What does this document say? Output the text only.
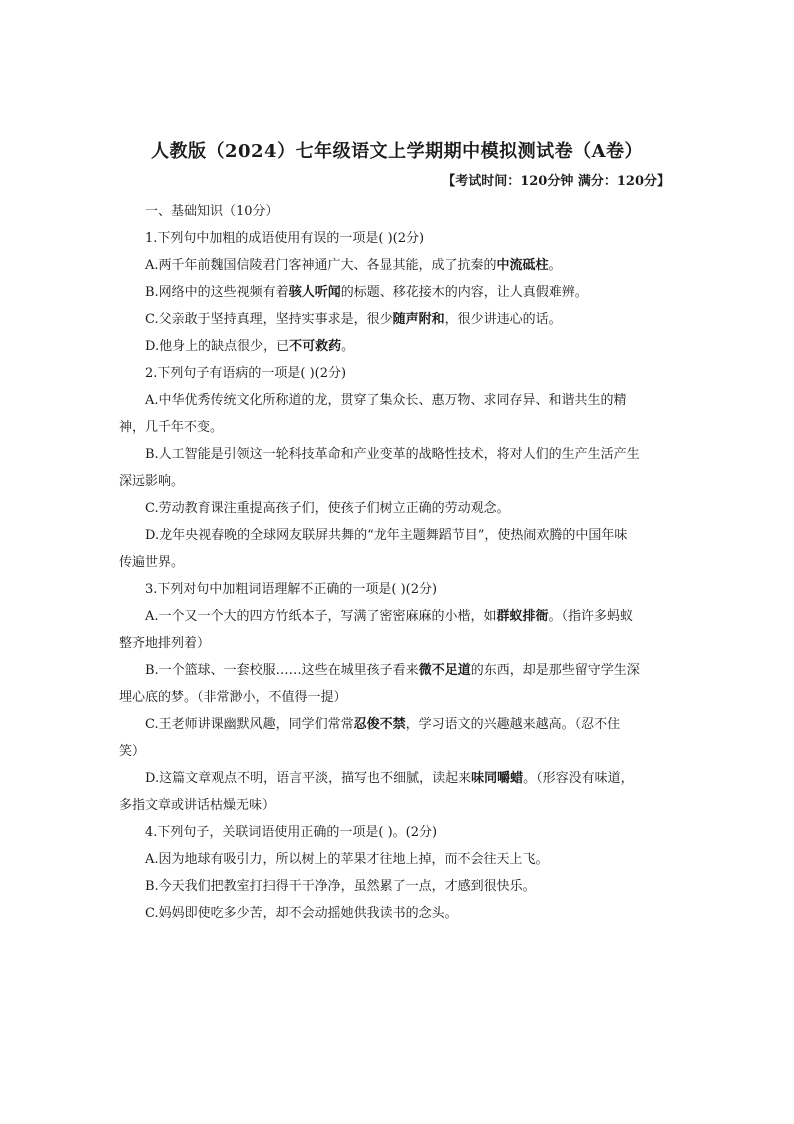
人教版（2024）七年级语文上学期期中模拟测试卷（A卷）
【考试时间：120分钟 满分：120分】
一、基础知识（10分）
1.下列句中加粗的成语使用有误的一项是( )(2分)
A.两千年前魏国信陵君门客神通广大、各显其能，成了抗秦的中流砥柱。
B.网络中的这些视频有着骇人听闻的标题、移花接木的内容，让人真假难辨。
C.父亲敢于坚持真理，坚持实事求是，很少随声附和，很少讲违心的话。
D.他身上的缺点很少，已不可救药。
2.下列句子有语病的一项是( )(2分)
A.中华优秀传统文化所称道的龙，贯穿了集众长、惠万物、求同存异、和谐共生的精
神，几千年不变。
B.人工智能是引领这一轮科技革命和产业变革的战略性技术，将对人们的生产生活产生
深远影响。
C.劳动教育课注重提高孩子们，使孩子们树立正确的劳动观念。
D.龙年央视春晚的全球网友联屏共舞的“龙年主题舞蹈节目”，使热闹欢腾的中国年味
传遍世界。
3.下列对句中加粗词语理解不正确的一项是( )(2分)
A.一个又一个大的四方竹纸本子，写满了密密麻麻的小楷，如群蚁排衙。（指许多蚂蚁
整齐地排列着）
B.一个篮球、一套校服……这些在城里孩子看来微不足道的东西，却是那些留守学生深
埋心底的梦。（非常渺小，不值得一提）
C.王老师讲课幽默风趣，同学们常常忍俊不禁，学习语文的兴趣越来越高。（忍不住
笑）
D.这篇文章观点不明，语言平淡，描写也不细腻，读起来味同嚼蜡。（形容没有味道，
多指文章或讲话枯燥无味）
4.下列句子，关联词语使用正确的一项是( )。(2分)
A.因为地球有吸引力，所以树上的苹果才往地上掉，而不会往天上飞。
B.今天我们把教室打扫得干干净净，虽然累了一点，才感到很快乐。
C.妈妈即使吃多少苦，却不会动摇她供我读书的念头。
